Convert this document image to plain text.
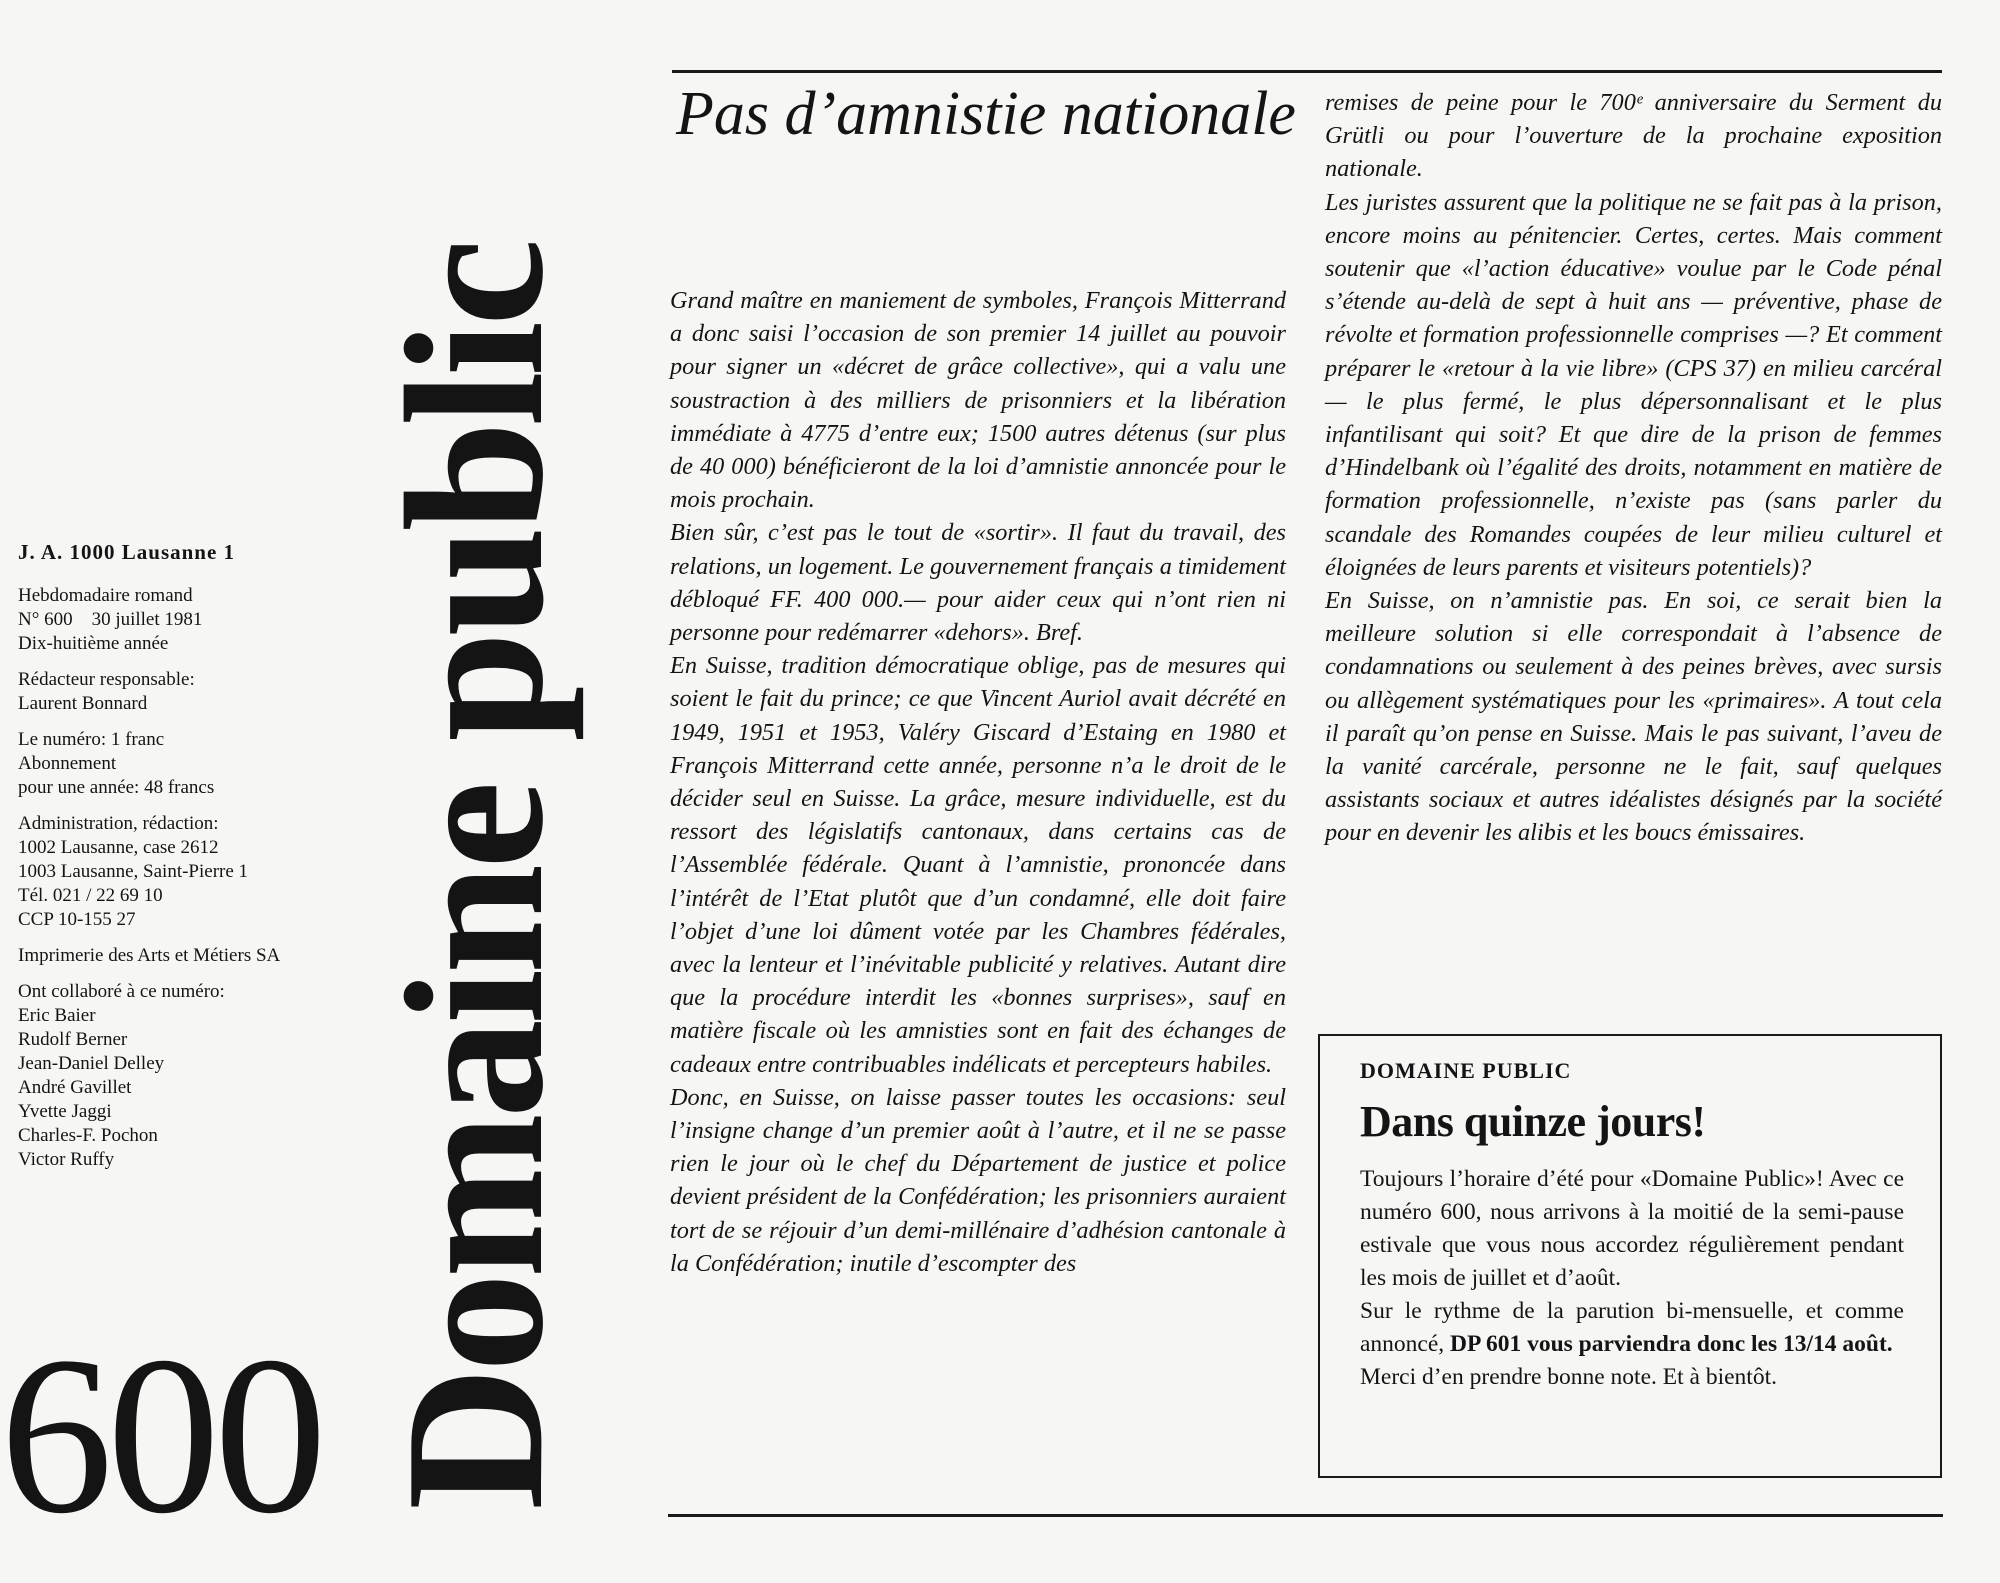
J. A. 1000 Lausanne 1
Hebdomadaire romand
N° 600    30 juillet 1981
Dix-huitième année
Rédacteur responsable:
Laurent Bonnard
Le numéro: 1 franc
Abonnement
pour une année: 48 francs
Administration, rédaction:
1002 Lausanne, case 2612
1003 Lausanne, Saint-Pierre 1
Tél. 021 / 22 69 10
CCP 10-155 27
Imprimerie des Arts et Métiers SA
Ont collaboré à ce numéro:
Eric Baier
Rudolf Berner
Jean-Daniel Delley
André Gavillet
Yvette Jaggi
Charles-F. Pochon
Victor Ruffy
600 Domaine public
Pas d’amnistie nationale

Grand maître en maniement de symboles, François Mitterrand a donc saisi l’occasion de son premier 14 juillet au pouvoir pour signer un «décret de grâce collective», qui a valu une soustraction à des milliers de prisonniers et la libération immédiate à 4775 d’entre eux; 1500 autres détenus (sur plus de 40 000) bénéficieront de la loi d’amnistie annoncée pour le mois prochain.

Bien sûr, c’est pas le tout de «sortir». Il faut du travail, des relations, un logement. Le gouvernement français a timidement débloqué FF. 400 000.— pour aider ceux qui n’ont rien ni personne pour redémarrer «dehors». Bref.

En Suisse, tradition démocratique oblige, pas de mesures qui soient le fait du prince; ce que Vincent Auriol avait décrété en 1949, 1951 et 1953, Valéry Giscard d’Estaing en 1980 et François Mitterrand cette année, personne n’a le droit de le décider seul en Suisse. La grâce, mesure individuelle, est du ressort des législatifs cantonaux, dans certains cas de l’Assemblée fédérale. Quant à l’amnistie, prononcée dans l’intérêt de l’Etat plutôt que d’un condamné, elle doit faire l’objet d’une loi dûment votée par les Chambres fédérales, avec la lenteur et l’inévitable publicité y relatives. Autant dire que la procédure interdit les «bonnes surprises», sauf en matière fiscale où les amnisties sont en fait des échanges de cadeaux entre contribuables indélicats et percepteurs habiles.

Donc, en Suisse, on laisse passer toutes les occasions: seul l’insigne change d’un premier août à l’autre, et il ne se passe rien le jour où le chef du Département de justice et police devient président de la Confédération; les prisonniers auraient tort de se réjouir d’un demi-millénaire d’adhésion cantonale à la Confédération; inutile d’escompter des

remises de peine pour le 700ᵉ anniversaire du Serment du Grütli ou pour l’ouverture de la prochaine exposition nationale.

Les juristes assurent que la politique ne se fait pas à la prison, encore moins au pénitencier. Certes, certes. Mais comment soutenir que «l’action éducative» voulue par le Code pénal s’étende au-delà de sept à huit ans — préventive, phase de révolte et formation professionnelle comprises —? Et comment préparer le «retour à la vie libre» (CPS 37) en milieu carcéral — le plus fermé, le plus dépersonnalisant et le plus infantilisant qui soit? Et que dire de la prison de femmes d’Hindelbank où l’égalité des droits, notamment en matière de formation professionnelle, n’existe pas (sans parler du scandale des Romandes coupées de leur milieu culturel et éloignées de leurs parents et visiteurs potentiels)?

En Suisse, on n’amnistie pas. En soi, ce serait bien la meilleure solution si elle correspondait à l’absence de condamnations ou seulement à des peines brèves, avec sursis ou allègement systématiques pour les «primaires». A tout cela il paraît qu’on pense en Suisse. Mais le pas suivant, l’aveu de la vanité carcérale, personne ne le fait, sauf quelques assistants sociaux et autres idéalistes désignés par la société pour en devenir les alibis et les boucs émissaires.

DOMAINE PUBLIC
Dans quinze jours!
Toujours l’horaire d’été pour «Domaine Public»! Avec ce numéro 600, nous arrivons à la moitié de la semi-pause estivale que vous nous accordez régulièrement pendant les mois de juillet et d’août.
Sur le rythme de la parution bi-mensuelle, et comme annoncé, DP 601 vous parviendra donc les 13/14 août.
Merci d’en prendre bonne note. Et à bientôt.
